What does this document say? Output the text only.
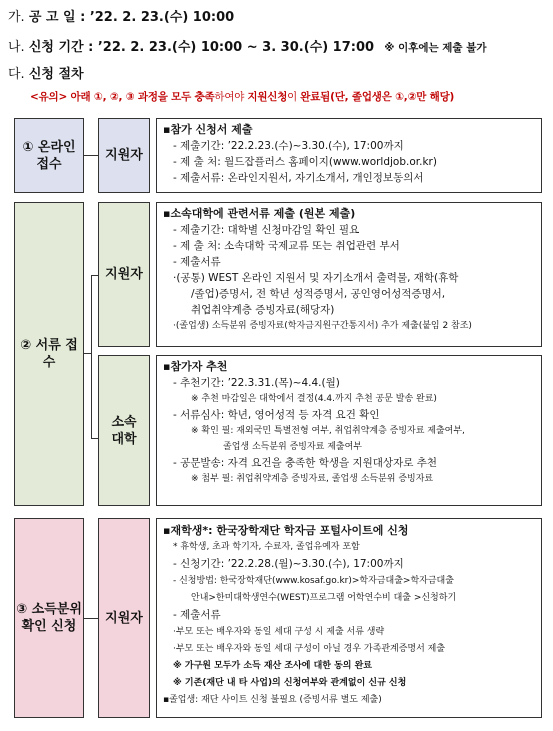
가. 공 고 일 : ’22. 2. 23.(수) 10:00
나. 신청 기간 : ’22. 2. 23.(수) 10:00 ~ 3. 30.(수) 17:00 ※ 이후에는 제출 불가
다. 신청 절차
<유의> 아래 ①, ②, ③ 과정을 모두 충족하여야 지원신청이 완료됨(단, 졸업생은 ①,②만 해당)
① 온라인
접수
지원자
▪참가 신청서 제출
- 제출기간: ’22.2.23.(수)~3.30.(수), 17:00까지
- 제 출 처: 월드잡플러스 홈페이지(www.worldjob.or.kr)
- 제출서류: 온라인지원서, 자기소개서, 개인정보동의서
② 서류 접수
지원자
소속
대학
▪소속대학에 관련서류 제출 (원본 제출)
- 제출기간: 대학별 신청마감일 확인 필요
- 제 출 처: 소속대학 국제교류 또는 취업관련 부서
- 제출서류
·(공통) WEST 온라인 지원서 및 자기소개서 출력물, 재학(휴학
/졸업)증명서, 전 학년 성적증명서, 공인영어성적증명서,
취업취약계층 증빙자료(해당자)
·(졸업생) 소득분위 증빙자료(학자금지원구간통지서) 추가 제출(붙임 2 참조)
▪참가자 추천
- 추천기간: ’22.3.31.(목)~4.4.(월)
※ 추천 마감일은 대학에서 결정(4.4.까지 추천 공문 발송 완료)
- 서류심사: 학년, 영어성적 등 자격 요건 확인
※ 확인 필: 재외국민 특별전형 여부, 취업취약계층 증빙자료 제출여부,
졸업생 소득분위 증빙자료 제출여부
- 공문발송: 자격 요건을 충족한 학생을 지원대상자로 추천
※ 첨부 필: 취업취약계층 증빙자료, 졸업생 소득분위 증빙자료
③ 소득분위
확인 신청
지원자
▪재학생*: 한국장학재단 학자금 포털사이트에 신청
* 휴학생, 초과 학기자, 수료자, 졸업유예자 포함
- 신청기간: ’22.2.28.(월)~3.30.(수), 17:00까지
- 신청방법: 한국장학재단(www.kosaf.go.kr)>학자금대출>학자금대출
안내>한미대학생연수(WEST)프로그램 어학연수비 대출 >신청하기
- 제출서류
·부모 또는 배우자와 동일 세대 구성 시 제출 서류 생략
·부모 또는 배우자와 동일 세대 구성이 아닐 경우 가족관계증명서 제출
※ 가구원 모두가 소득 재산 조사에 대한 동의 완료
※ 기존(재단 내 타 사업)의 신청여부와 관계없이 신규 신청
▪졸업생: 재단 사이트 신청 불필요 (증빙서류 별도 제출)
